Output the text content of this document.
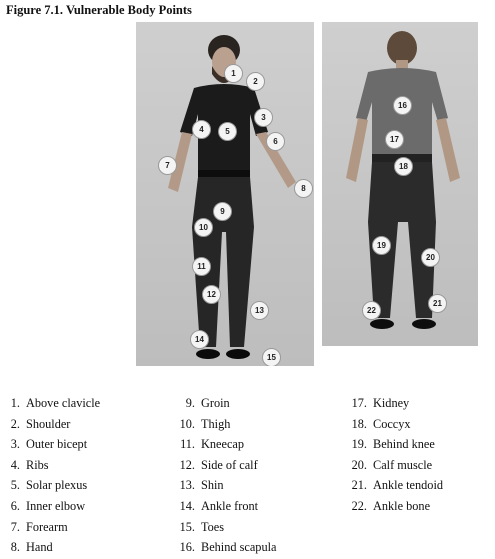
Figure 7.1. Vulnerable Body Points
1
2
3
4	5
6
7
8
9
10
11
12
13
14
15
16
17
18
19
20
21
22
1. Above clavicle
2. Shoulder
3. Outer bicept
4. Ribs
5. Solar plexus
6. Inner elbow
7. Forearm
8. Hand
9. Groin
10. Thigh
11. Kneecap
12. Side of calf
13. Shin
14. Ankle front
15. Toes
16. Behind scapula
17. Kidney
18. Coccyx
19. Behind knee
20. Calf muscle
21. Ankle tendoid
22. Ankle bone
